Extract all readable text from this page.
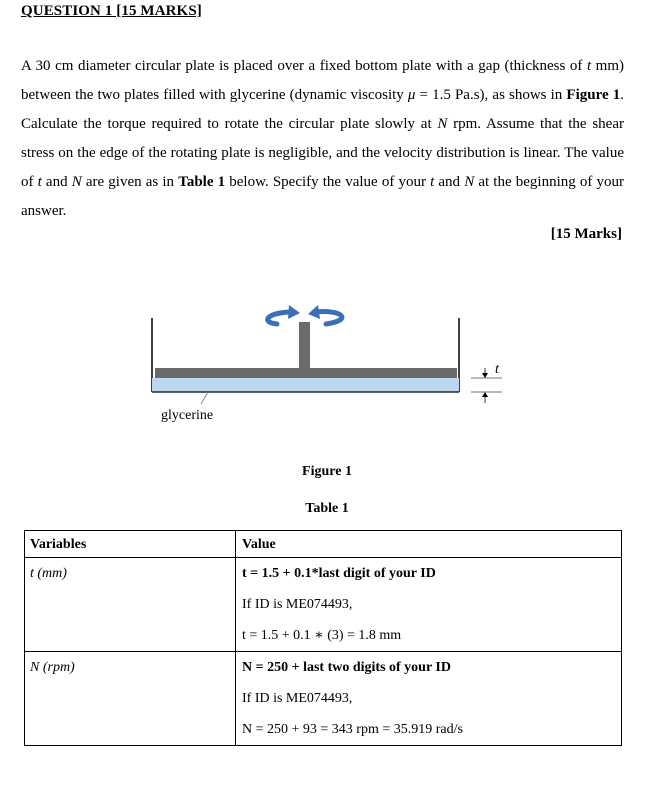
QUESTION 1 [15 MARKS]
A 30 cm diameter circular plate is placed over a fixed bottom plate with a gap (thickness of t mm) between the two plates filled with glycerine (dynamic viscosity μ = 1.5 Pa.s), as shows in Figure 1. Calculate the torque required to rotate the circular plate slowly at N rpm. Assume that the shear stress on the edge of the rotating plate is negligible, and the velocity distribution is linear. The value of t and N are given as in Table 1 below. Specify the value of your t and N at the beginning of your answer.
[15 Marks]
glycerine
t
Figure 1
Table 1
Variables	Value

t (mm)	t = 1.5 + 0.1*last digit of your ID
If ID is ME074493,
t = 1.5 + 0.1 ∗ (3) = 1.8 mm

N (rpm)	N = 250 + last two digits of your ID
If ID is ME074493,
N = 250 + 93 = 343 rpm = 35.919 rad/s
